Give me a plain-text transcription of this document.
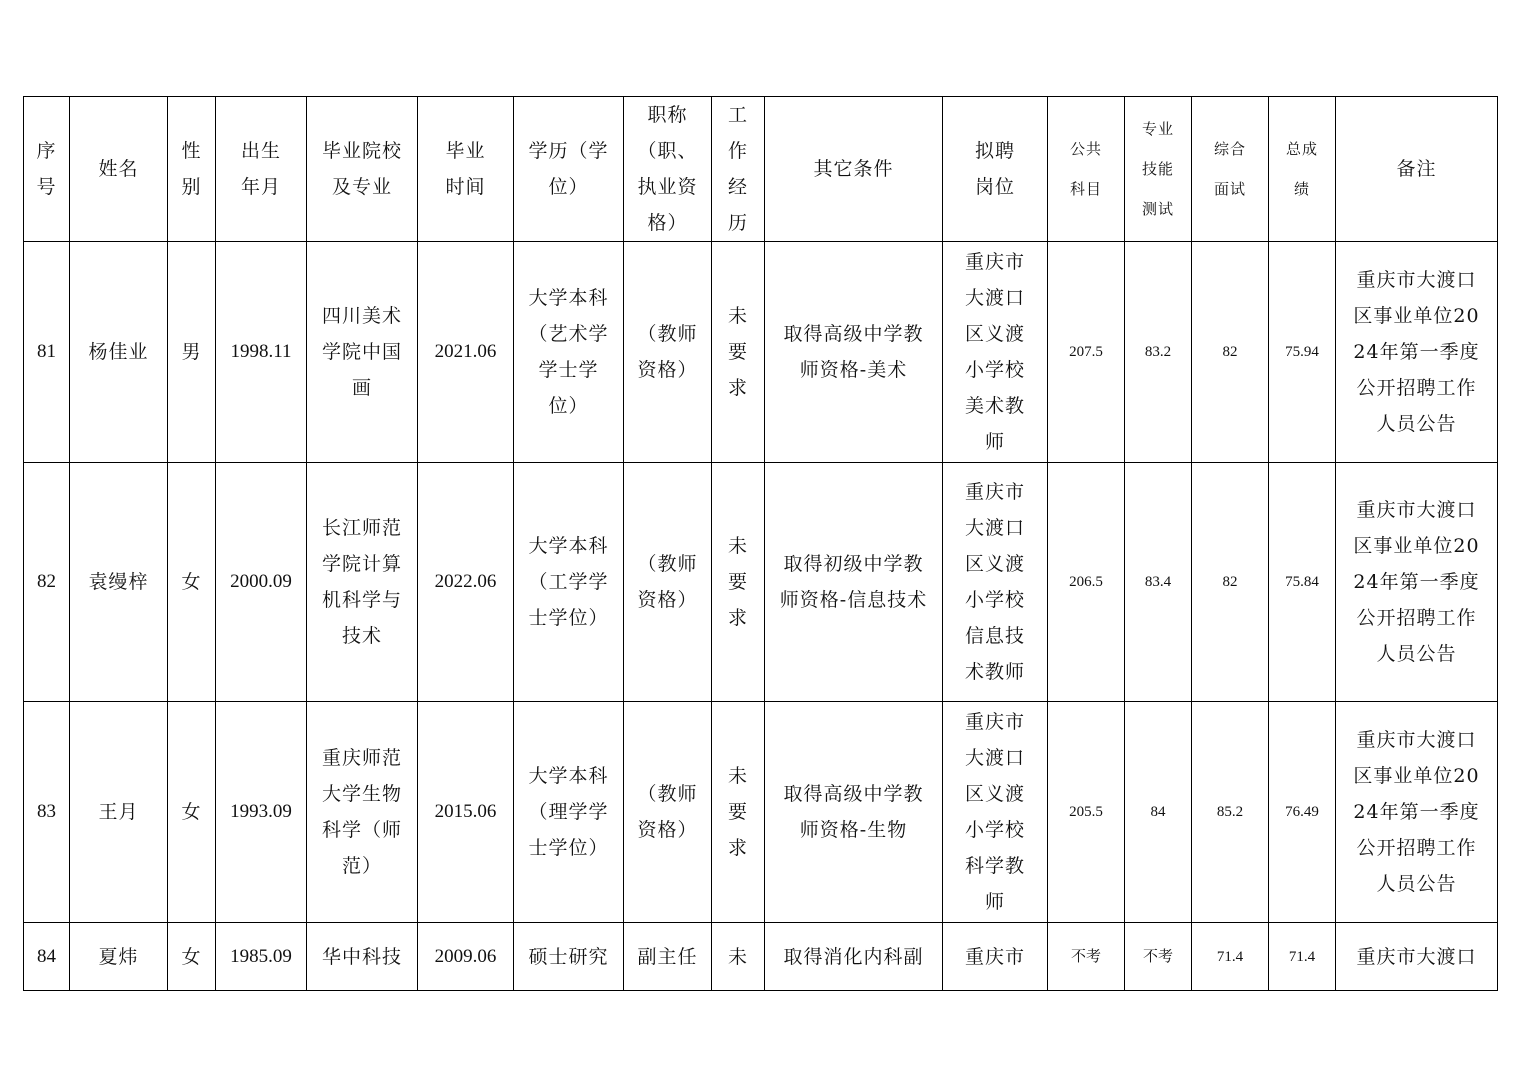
序号	姓名	性别	出生年月	毕业院校及专业	毕业时间	学历（学位）	职称（职、执业资格）	工作经历	其它条件	拟聘岗位	公共科目	专业技能测试	综合面试	总成绩	备注
81	杨佳业	男	1998.11	四川美术学院中国画	2021.06	大学本科（艺术学学士学位）	（教师资格）	未要求	取得高级中学教师资格-美术	重庆市大渡口区义渡小学校美术教师	207.5	83.2	82	75.94	重庆市大渡口区事业单位2024年第一季度公开招聘工作人员公告
82	袁缦梓	女	2000.09	长江师范学院计算机科学与技术	2022.06	大学本科（工学学士学位）	（教师资格）	未要求	取得初级中学教师资格-信息技术	重庆市大渡口区义渡小学校信息技术教师	206.5	83.4	82	75.84	重庆市大渡口区事业单位2024年第一季度公开招聘工作人员公告
83	王月	女	1993.09	重庆师范大学生物科学（师范）	2015.06	大学本科（理学学士学位）	（教师资格）	未要求	取得高级中学教师资格-生物	重庆市大渡口区义渡小学校科学教师	205.5	84	85.2	76.49	重庆市大渡口区事业单位2024年第一季度公开招聘工作人员公告
84	夏炜	女	1985.09	华中科技	2009.06	硕士研究	副主任	未	取得消化内科副	重庆市	不考	不考	71.4	71.4	重庆市大渡口
